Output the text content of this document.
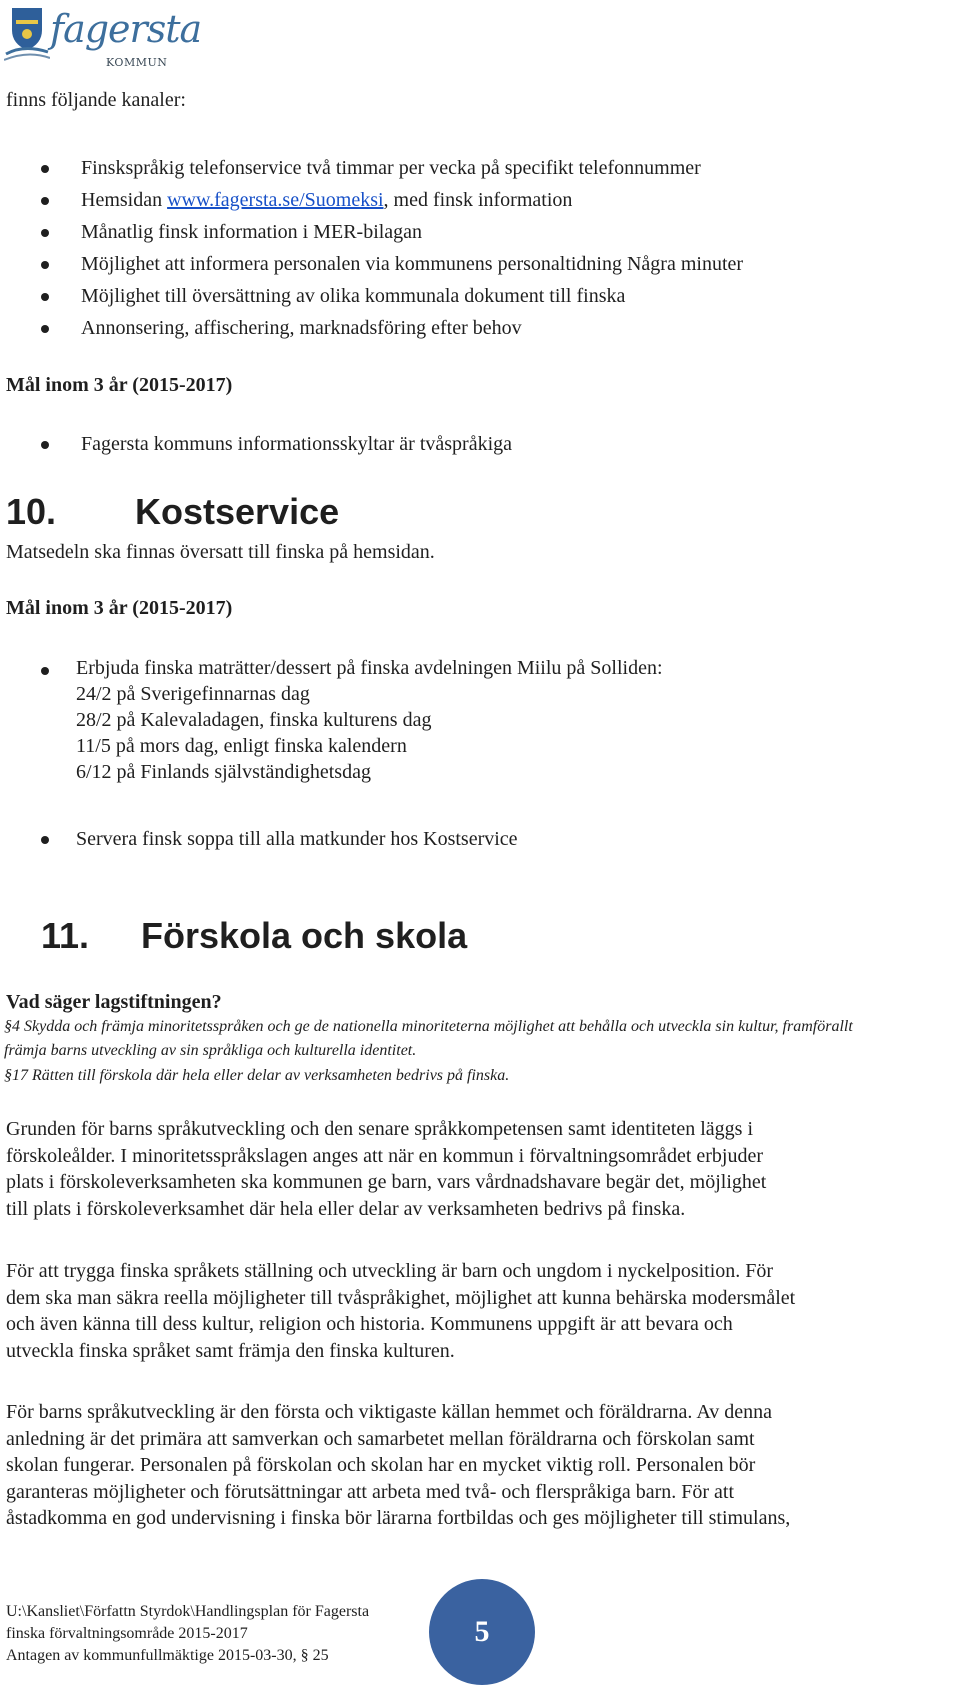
fagersta
KOMMUN
finns följande kanaler:
Finskspråkig telefonservice två timmar per vecka på specifikt telefonnummer
Hemsidan www.fagersta.se/Suomeksi, med finsk information
Månatlig finsk information i MER-bilagan
Möjlighet att informera personalen via kommunens personaltidning Några minuter
Möjlighet till översättning av olika kommunala dokument till finska
Annonsering, affischering, marknadsföring efter behov
Mål inom 3 år (2015-2017)
Fagersta kommuns informationsskyltar är tvåspråkiga
10. Kostservice
Matsedeln ska finnas översatt till finska på hemsidan.
Mål inom 3 år (2015-2017)
Erbjuda finska maträtter/dessert på finska avdelningen Miilu på Solliden:
24/2 på Sverigefinnarnas dag
28/2 på Kalevaladagen, finska kulturens dag
11/5 på mors dag, enligt finska kalendern
6/12 på Finlands självständighetsdag
Servera finsk soppa till alla matkunder hos Kostservice
11. Förskola och skola
Vad säger lagstiftningen?
§4 Skydda och främja minoritetsspråken och ge de nationella minoriteterna möjlighet att behålla och utveckla sin kultur, framförallt
främja barns utveckling av sin språkliga och kulturella identitet.
§17 Rätten till förskola där hela eller delar av verksamheten bedrivs på finska.

Grunden för barns språkutveckling och den senare språkkompetensen samt identiteten läggs i
förskoleålder. I minoritetsspråkslagen anges att när en kommun i förvaltningsområdet erbjuder
plats i förskoleverksamheten ska kommunen ge barn, vars vårdnadshavare begär det, möjlighet
till plats i förskoleverksamhet där hela eller delar av verksamheten bedrivs på finska.

För att trygga finska språkets ställning och utveckling är barn och ungdom i nyckelposition. För
dem ska man säkra reella möjligheter till tvåspråkighet, möjlighet att kunna behärska modersmålet
och även känna till dess kultur, religion och historia. Kommunens uppgift är att bevara och
utveckla finska språket samt främja den finska kulturen.

För barns språkutveckling är den första och viktigaste källan hemmet och föräldrarna. Av denna
anledning är det primära att samverkan och samarbetet mellan föräldrarna och förskolan samt
skolan fungerar. Personalen på förskolan och skolan har en mycket viktig roll. Personalen bör
garanteras möjligheter och förutsättningar att arbeta med två- och flerspråkiga barn. För att
åstadkomma en god undervisning i finska bör lärarna fortbildas och ges möjligheter till stimulans,

U:\Kansliet\Författn Styrdok\Handlingsplan för Fagersta
finska förvaltningsområde 2015-2017
Antagen av kommunfullmäktige 2015-03-30, § 25
5
